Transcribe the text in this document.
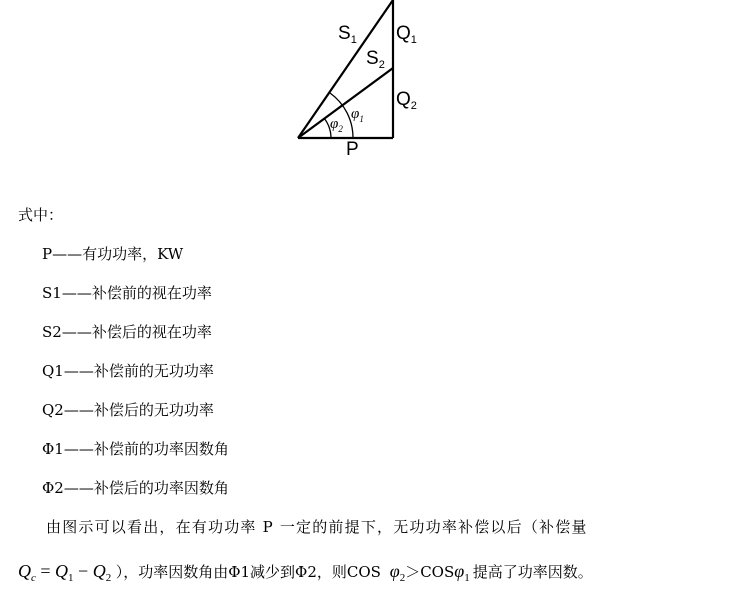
$S_1$ $Q_1$
$S_2$
$Q_2$
P
$\varphi_1$
$\varphi_2$
式中：
P——有功功率，KW
S1——补偿前的视在功率
S2——补偿后的视在功率
Q1——补偿前的无功功率
Q2——补偿后的无功功率
Φ1——补偿前的功率因数角
Φ2——补偿后的功率因数角
由图示可以看出，在有功功率 P 一定的前提下，无功功率补偿以后（补偿量
$Q_c = Q_1 - Q_2$ ），功率因数角由Φ1减少到Φ2，则COS $\varphi_2>COS\varphi_1$ 提高了功率因数。
